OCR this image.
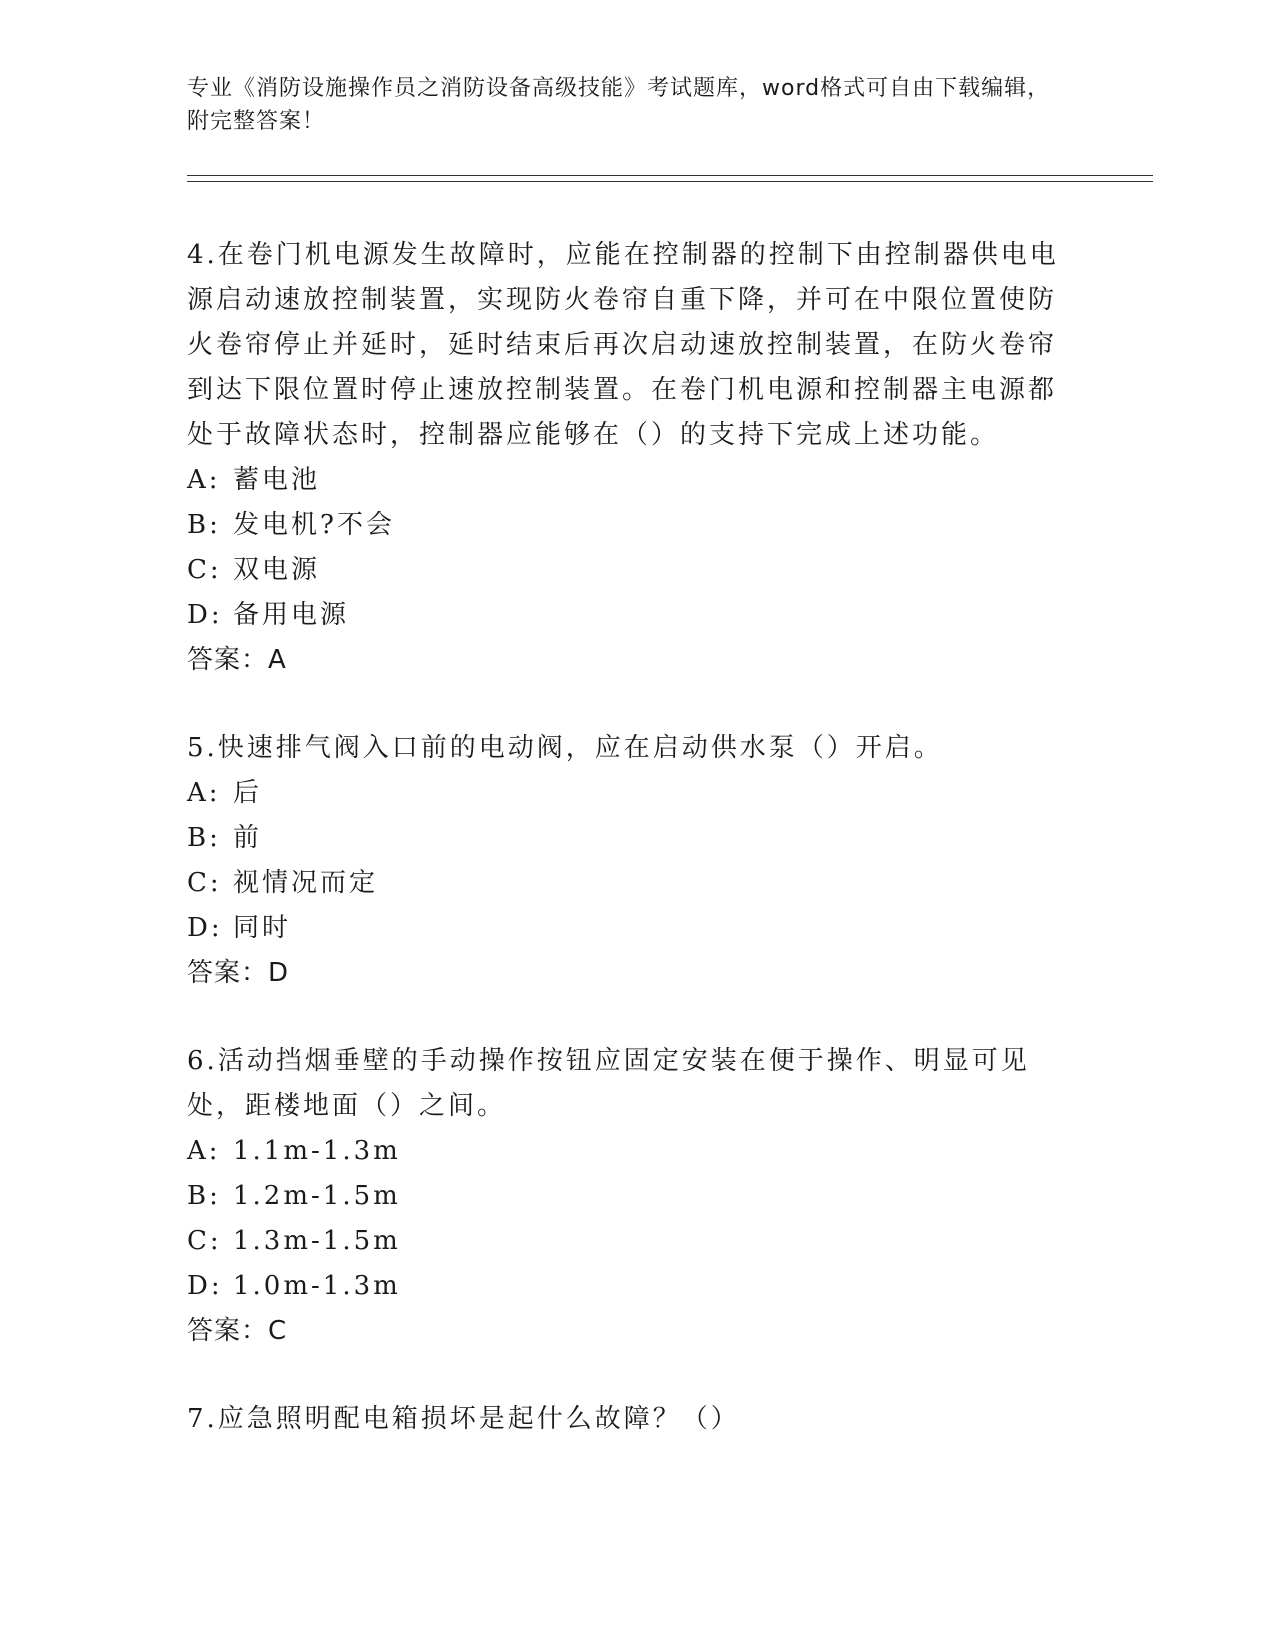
专业《消防设施操作员之消防设备高级技能》考试题库，word格式可自由下载编辑，附完整答案！

4.在卷门机电源发生故障时，应能在控制器的控制下由控制器供电电源启动速放控制装置，实现防火卷帘自重下降，并可在中限位置使防火卷帘停止并延时，延时结束后再次启动速放控制装置，在防火卷帘到达下限位置时停止速放控制装置。在卷门机电源和控制器主电源都处于故障状态时，控制器应能够在（）的支持下完成上述功能。

A: 蓄电池

B: 发电机?不会

C: 双电源

D: 备用电源

答案：A

5.快速排气阀入口前的电动阀，应在启动供水泵（）开启。

A: 后

B: 前

C: 视情况而定

D: 同时

答案：D

6.活动挡烟垂壁的手动操作按钮应固定安装在便于操作、明显可见处，距楼地面（）之间。

A: 1.1m-1.3m

B: 1.2m-1.5m

C: 1.3m-1.5m

D: 1.0m-1.3m

答案：C

7.应急照明配电箱损坏是起什么故障？（）
